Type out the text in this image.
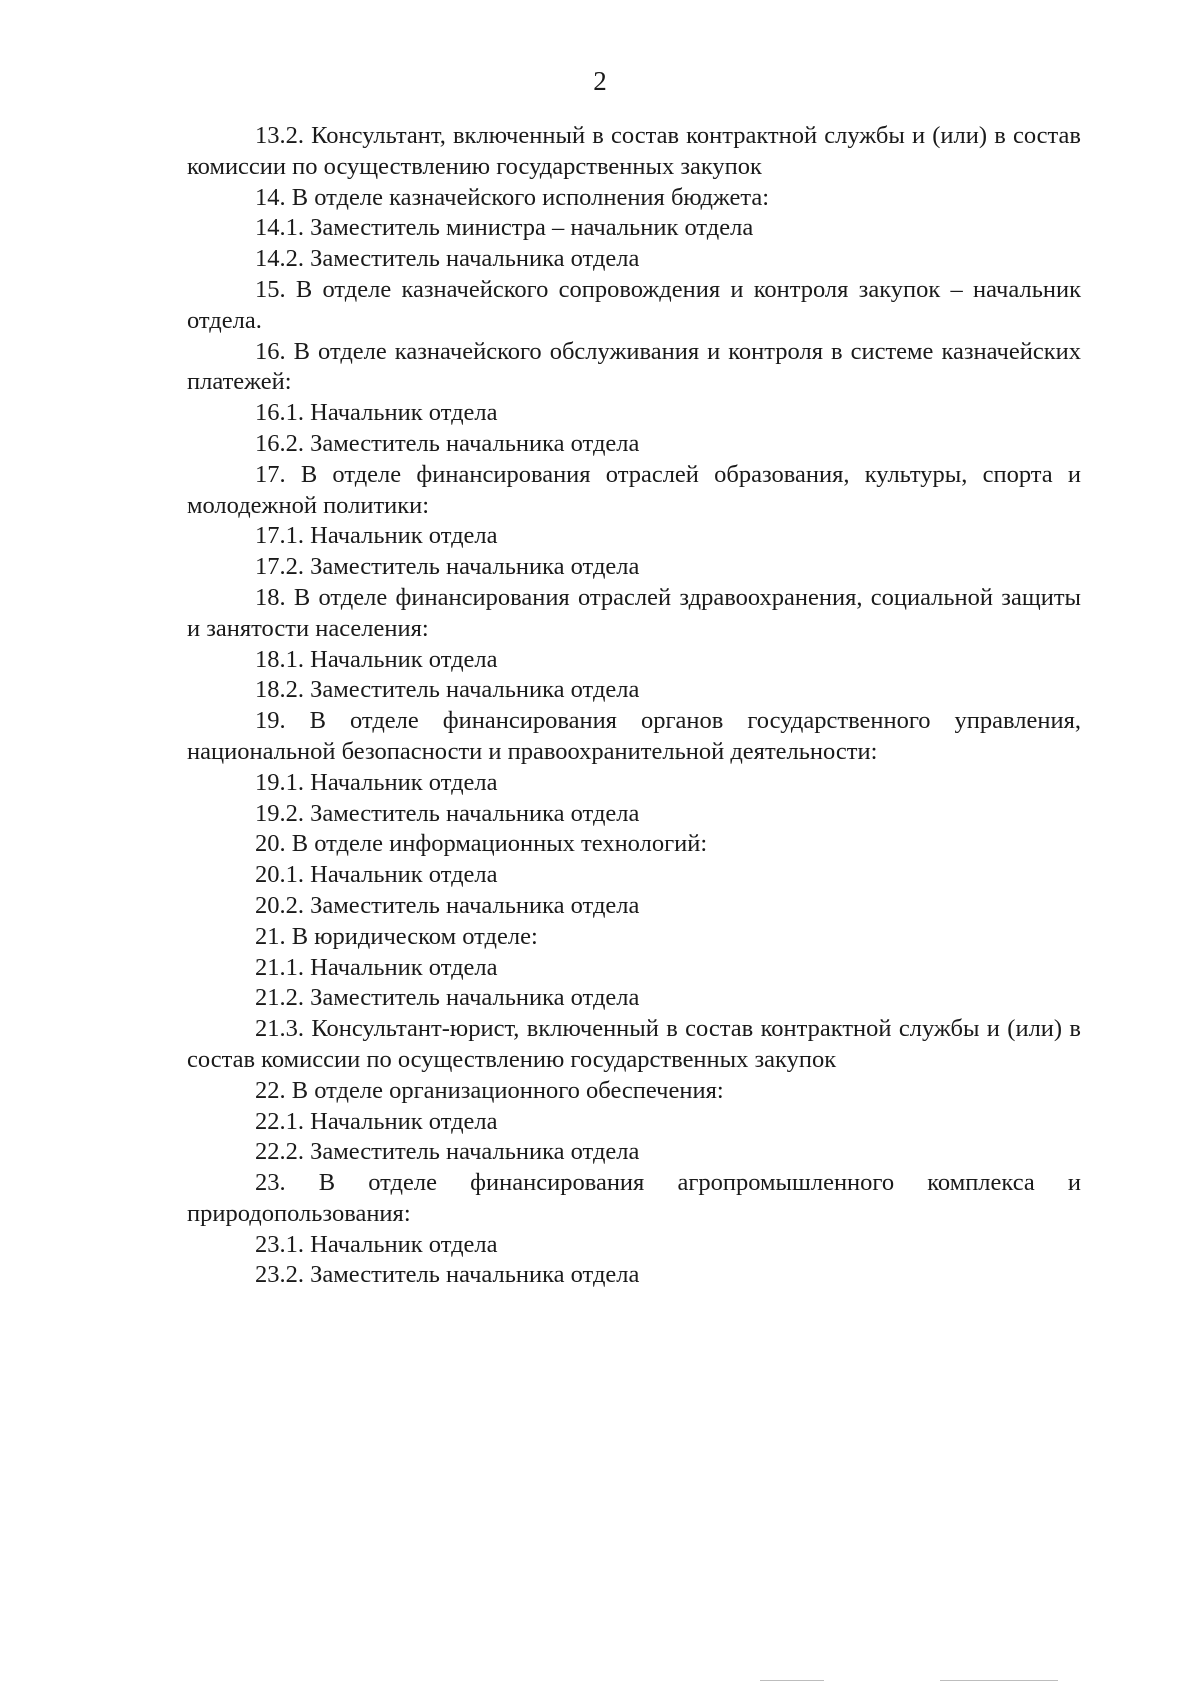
2

13.2. Консультант, включенный в состав контрактной службы и (или) в состав комиссии по осуществлению государственных закупок

14. В отделе казначейского исполнения бюджета:

14.1. Заместитель министра – начальник отдела

14.2. Заместитель начальника отдела

15. В отделе казначейского сопровождения и контроля закупок – начальник отдела.

16. В отделе казначейского обслуживания и контроля в системе казначейских платежей:

16.1. Начальник отдела

16.2. Заместитель начальника отдела

17. В отделе финансирования отраслей образования, культуры, спорта и молодежной политики:

17.1. Начальник отдела

17.2. Заместитель начальника отдела

18. В отделе финансирования отраслей здравоохранения, социальной защиты и занятости населения:

18.1. Начальник отдела

18.2. Заместитель начальника отдела

19. В отделе финансирования органов государственного управления, национальной безопасности и правоохранительной деятельности:

19.1. Начальник отдела

19.2. Заместитель начальника отдела

20. В отделе информационных технологий:

20.1. Начальник отдела

20.2. Заместитель начальника отдела

21. В юридическом отделе:

21.1. Начальник отдела

21.2. Заместитель начальника отдела

21.3. Консультант-юрист, включенный в состав контрактной службы и (или) в состав комиссии по осуществлению государственных закупок

22. В отделе организационного обеспечения:

22.1. Начальник отдела

22.2. Заместитель начальника отдела

23. В отделе финансирования агропромышленного комплекса и природопользования:

23.1. Начальник отдела

23.2. Заместитель начальника отдела
